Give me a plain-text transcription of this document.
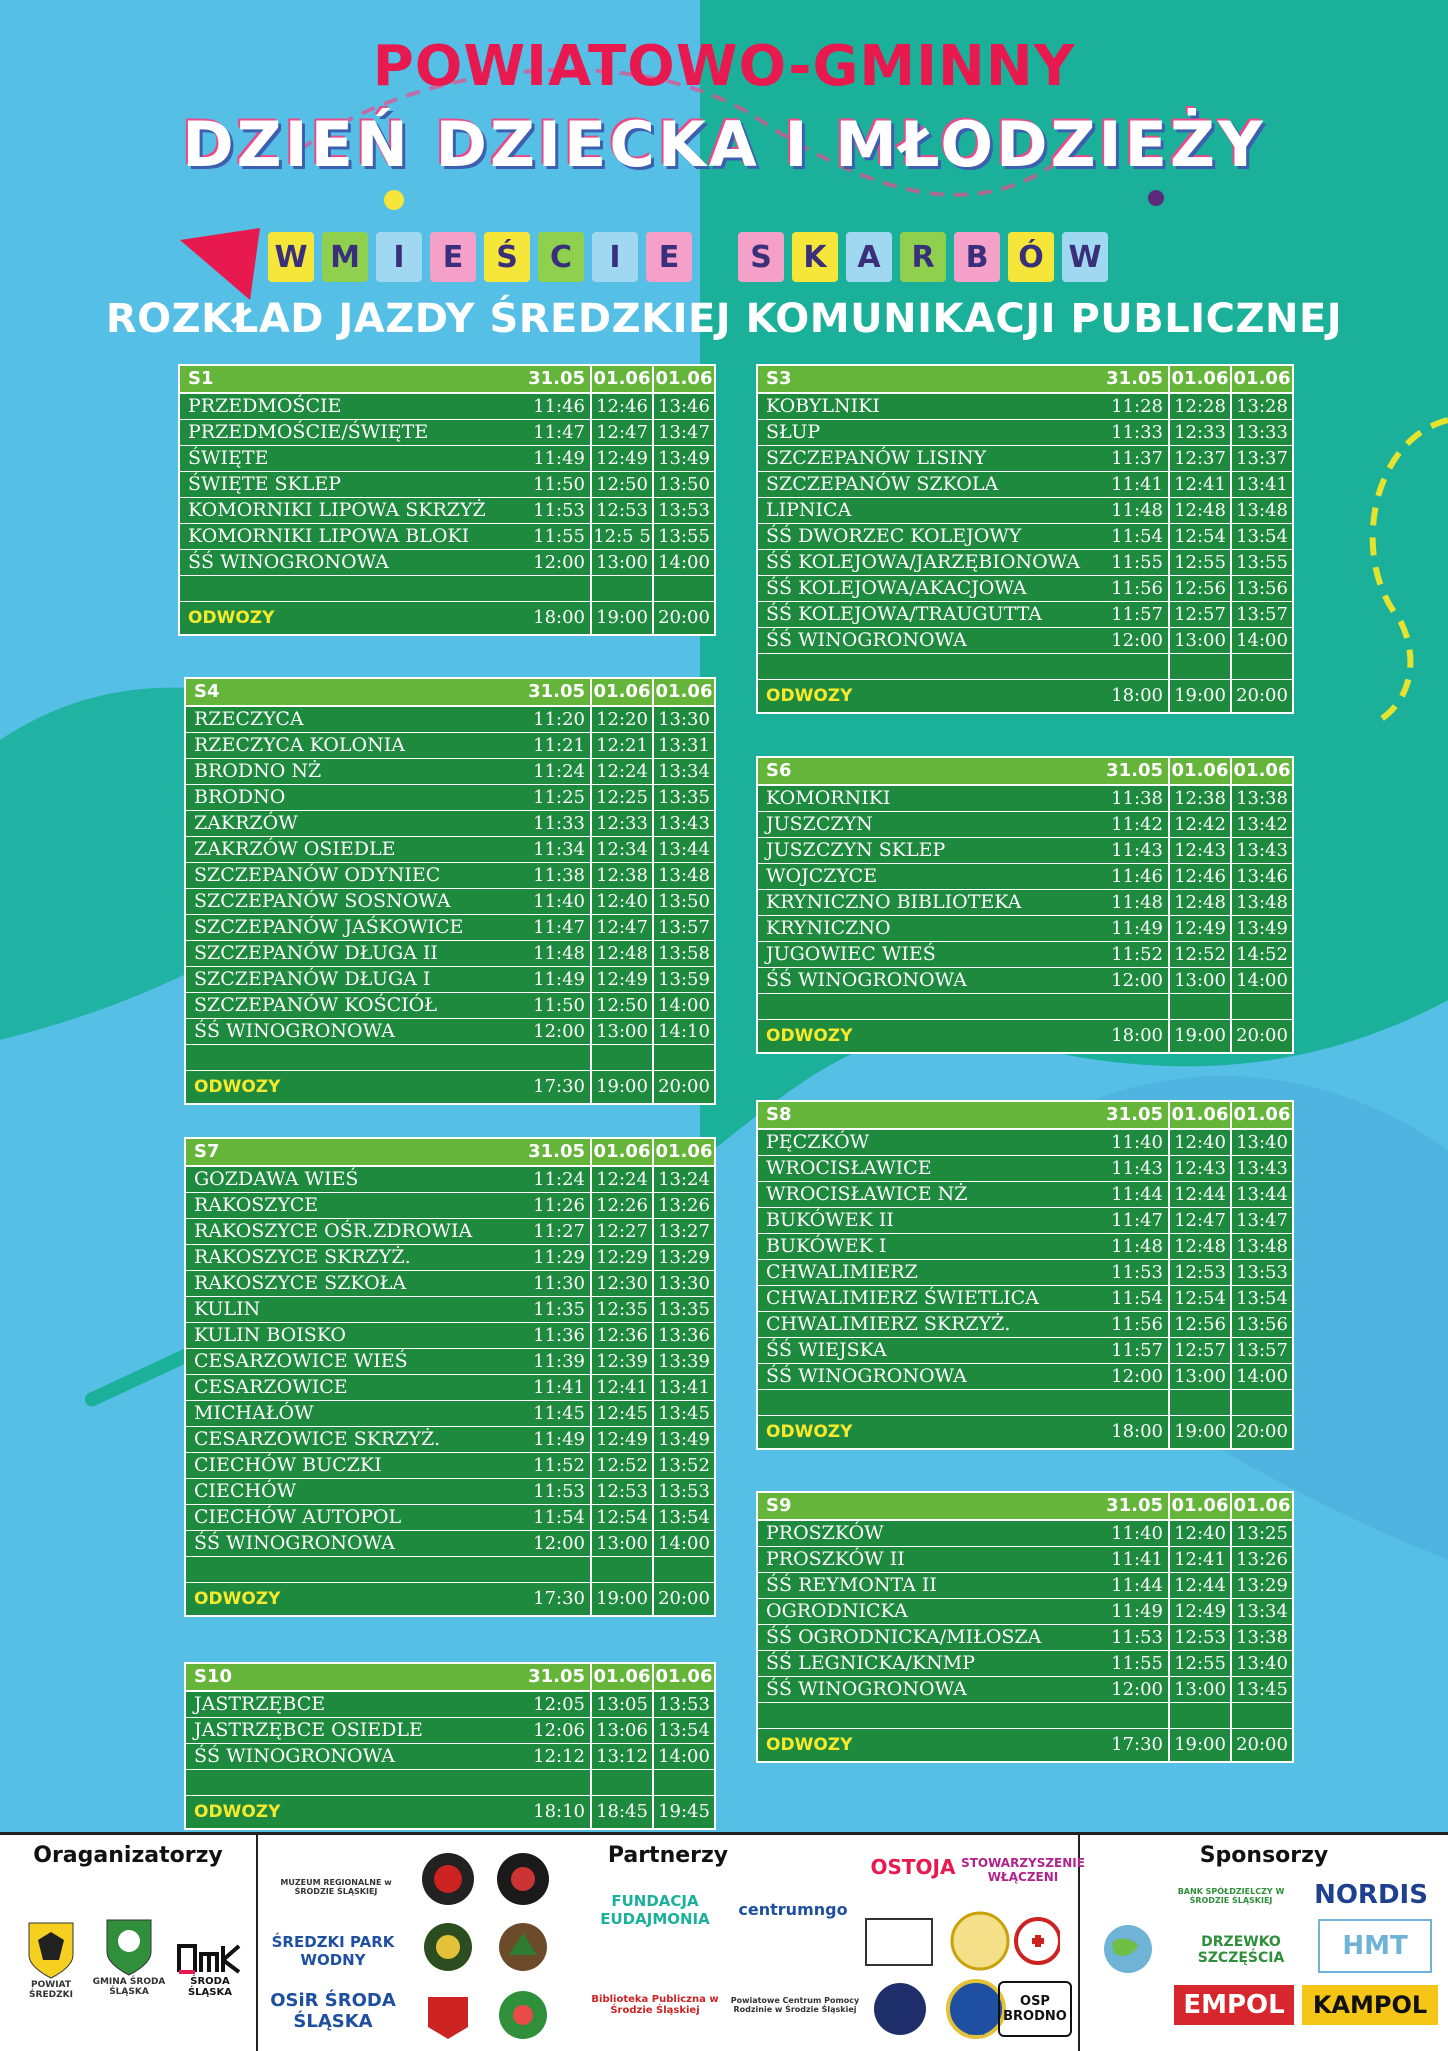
POWIATOWO-GMINNY
DZIEŃ DZIECKA I MŁODZIEŻY
W M	I	E	Ś	C	I	E	S	K	A	R	B Ó W
ROZKŁAD JAZDY ŚREDZKIEJ KOMUNIKACJI PUBLICZNEJ
S1	31.05 01.06 01.06
PRZEDMOŚCIE	11:46 12:46 13:46
PRZEDMOŚCIE/ŚWIĘTE	11:47 12:47 13:47
ŚWIĘTE	11:49 12:49 13:49
ŚWIĘTE SKLEP	11:50 12:50 13:50
KOMORNIKI LIPOWA SKRZYŻ	11:53 12:53 13:53
KOMORNIKI LIPOWA BLOKI	11:55 12:5 5 13:55
ŚŚ WINOGRONOWA	12:00 13:00 14:00
ODWOZY	18:00 19:00 20:00
S3	31.05 01.06 01.06
KOBYLNIKI	11:28 12:28 13:28
SŁUP	11:33 12:33 13:33
SZCZEPANÓW LISINY	11:37 12:37 13:37
SZCZEPANÓW SZKOLA	11:41 12:41 13:41
LIPNICA	11:48 12:48 13:48
ŚŚ DWORZEC KOLEJOWY	11:54 12:54 13:54
ŚŚ KOLEJOWA/JARZĘBIONOWA	11:55 12:55 13:55
ŚŚ KOLEJOWA/AKACJOWA	11:56 12:56 13:56
ŚŚ KOLEJOWA/TRAUGUTTA	11:57 12:57 13:57
ŚŚ WINOGRONOWA	12:00 13:00 14:00
ODWOZY	18:00 19:00 20:00
S4	31.05 01.06 01.06
RZECZYCA	11:20 12:20 13:30
RZECZYCA KOLONIA	11:21 12:21 13:31
BRODNO NŻ	11:24 12:24 13:34
BRODNO	11:25 12:25 13:35
ZAKRZÓW	11:33 12:33 13:43
ZAKRZÓW OSIEDLE	11:34 12:34 13:44
SZCZEPANÓW ODYNIEC	11:38 12:38 13:48
SZCZEPANÓW SOSNOWA	11:40 12:40 13:50
SZCZEPANÓW JAŚKOWICE	11:47 12:47 13:57
SZCZEPANÓW DŁUGA II	11:48 12:48 13:58
SZCZEPANÓW DŁUGA I	11:49 12:49 13:59
SZCZEPANÓW KOŚCIÓŁ	11:50 12:50 14:00
ŚŚ WINOGRONOWA	12:00 13:00 14:10
ODWOZY	17:30 19:00 20:00
S6	31.05 01.06 01.06
KOMORNIKI	11:38 12:38 13:38
JUSZCZYN	11:42 12:42 13:42
JUSZCZYN SKLEP	11:43 12:43 13:43
WOJCZYCE	11:46 12:46 13:46
KRYNICZNO BIBLIOTEKA	11:48 12:48 13:48
KRYNICZNO	11:49 12:49 13:49
JUGOWIEC WIEŚ	11:52 12:52 14:52
ŚŚ WINOGRONOWA	12:00 13:00 14:00
ODWOZY	18:00 19:00 20:00
S7	31.05 01.06 01.06
GOZDAWA WIEŚ	11:24 12:24 13:24
RAKOSZYCE	11:26 12:26 13:26
RAKOSZYCE OŚR.ZDROWIA	11:27 12:27 13:27
RAKOSZYCE SKRZYŻ.	11:29 12:29 13:29
RAKOSZYCE SZKOŁA	11:30 12:30 13:30
KULIN	11:35 12:35 13:35
KULIN BOISKO	11:36 12:36 13:36
CESARZOWICE WIEŚ	11:39 12:39 13:39
CESARZOWICE	11:41 12:41 13:41
MICHAŁÓW	11:45 12:45 13:45
CESARZOWICE SKRZYŻ.	11:49 12:49 13:49
CIECHÓW BUCZKI	11:52 12:52 13:52
CIECHÓW	11:53 12:53 13:53
CIECHÓW AUTOPOL	11:54 12:54 13:54
ŚŚ WINOGRONOWA	12:00 13:00 14:00
ODWOZY	17:30 19:00 20:00
S8	31.05 01.06 01.06
PĘCZKÓW	11:40 12:40 13:40
WROCISŁAWICE	11:43 12:43 13:43
WROCISŁAWICE NŻ	11:44 12:44 13:44
BUKÓWEK II	11:47 12:47 13:47
BUKÓWEK I	11:48 12:48 13:48
CHWALIMIERZ	11:53 12:53 13:53
CHWALIMIERZ ŚWIETLICA	11:54 12:54 13:54
CHWALIMIERZ SKRZYŻ.	11:56 12:56 13:56
ŚŚ WIEJSKA	11:57 12:57 13:57
ŚŚ WINOGRONOWA	12:00 13:00 14:00
ODWOZY	18:00 19:00 20:00
S9	31.05 01.06 01.06
PROSZKÓW	11:40 12:40 13:25
PROSZKÓW II	11:41 12:41 13:26
ŚŚ REYMONTA II	11:44 12:44 13:29
OGRODNICKA	11:49 12:49 13:34
ŚŚ OGRODNICKA/MIŁOSZA	11:53 12:53 13:38
ŚŚ LEGNICKA/KNMP	11:55 12:55 13:40
ŚŚ WINOGRONOWA	12:00 13:00 13:45
ODWOZY	17:30 19:00 20:00
S10	31.05 01.06 01.06
JASTRZĘBCE	12:05 13:05 13:53
JASTRZĘBCE OSIEDLE	12:06 13:06 13:54
ŚŚ WINOGRONOWA	12:12 13:12 14:00
ODWOZY	18:10 18:45 19:45
Oraganizatorzy
POWIAT ŚREDZKI
GMINA ŚRODA ŚLĄSKA
ŚRODA ŚLĄSKA
Partnerzy
MUZEUM REGIONALNE w ŚRODZIE ŚLĄSKIEJ
ŚREDZKI PARK WODNY
OSiR ŚRODA ŚLĄSKA
FUNDACJA EUDAJMONIA
centrumngo
OSTOJA STOWARZYSZENIE WŁĄCZENI
Biblioteka Publiczna w Środzie Śląskiej
Powiatowe Centrum Pomocy Rodzinie w Środzie Śląskiej
OSP BRODNO
MRP
Sponsorzy
BANK SPÓŁDZIELCZY W ŚRODZIE ŚLĄSKIEJ	NORDIS
HMT
DRZEWKO SZCZĘŚCIA
EMPOL KAMPOL
